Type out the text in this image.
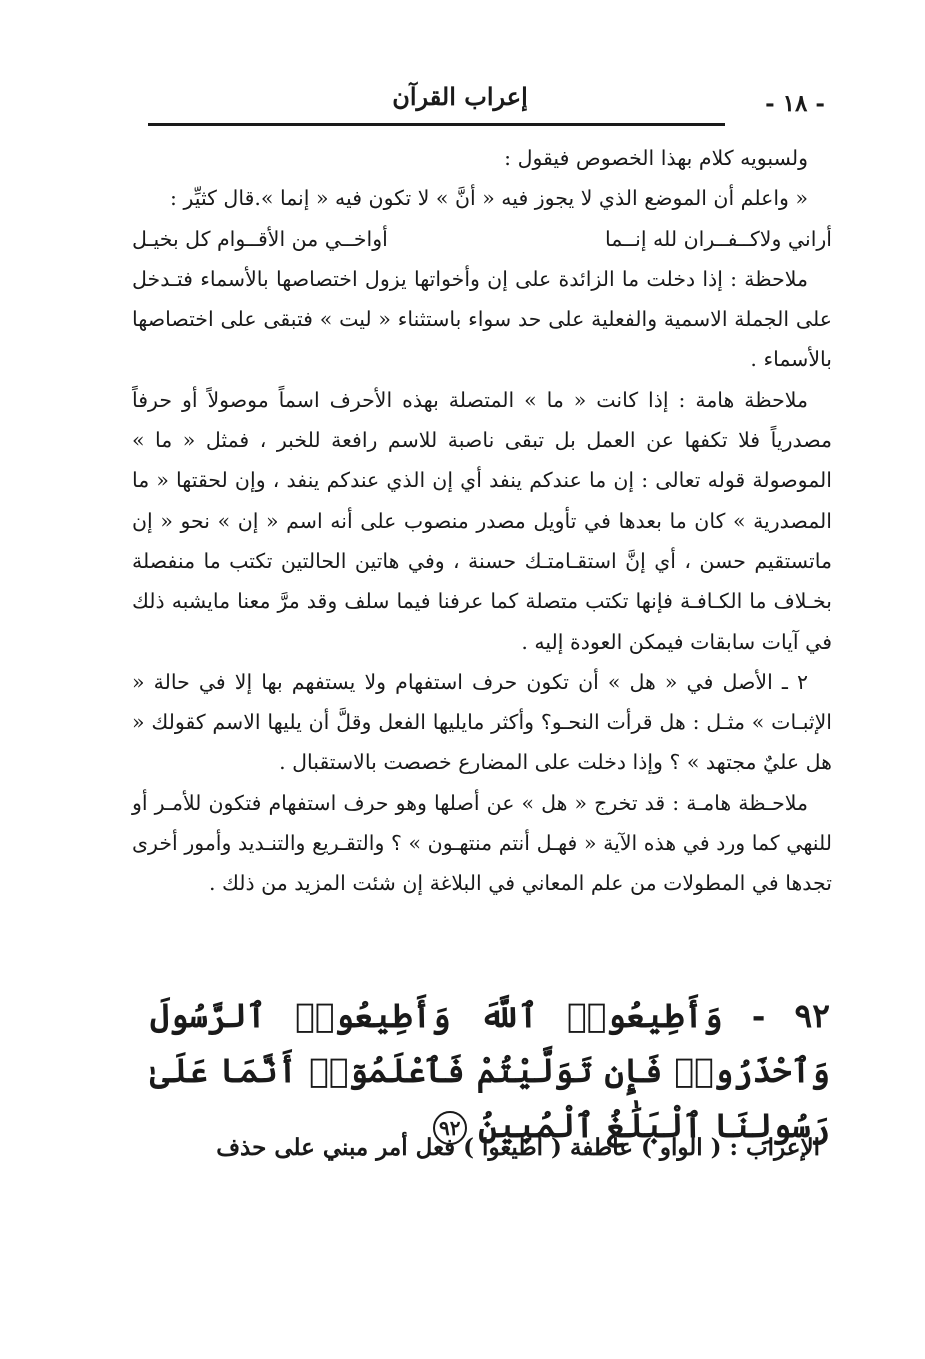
- ١٨ -
إعراب القرآن

ولسبويه كلام بهذا الخصوص فيقول :

« واعلم أن الموضع الذي لا يجوز فيه « أنَّ » لا تكون فيه « إنما ».قال كثيِّر :

أراني ولاكــفــران لله إنــما
أواخــي من الأقــوام كل بخيـل

ملاحظة : إذا دخلت ما الزائدة على إن وأخواتها يزول اختصاصها بالأسماء فتـدخل على الجملة الاسمية والفعلية على حد سواء باستثناء « ليت » فتبقى على اختصاصها بالأسماء .

ملاحظة هامة : إذا كانت « ما » المتصلة بهذه الأحرف اسماً موصولاً أو حرفاً مصدرياً فلا تكفها عن العمل بل تبقى ناصبة للاسم رافعة للخبر ، فمثل « ما » الموصولة قوله تعالى : إن ما عندكم ينفد أي إن الذي عندكم ينفد ، وإن لحقتها « ما المصدرية » كان ما بعدها في تأويل مصدر منصوب على أنه اسم « إن » نحو « إن ماتستقيم حسن ، أي إنَّ استقـامتـك حسنة ، وفي هاتين الحالتين تكتب ما منفصلة بخـلاف ما الكـافـة فإنها تكتب متصلة كما عرفنا فيما سلف وقد مرَّ معنا مايشبه ذلك في آيات سابقات فيمكن العودة إليه .

٢ ـ الأصل في « هل » أن تكون حرف استفهام ولا يستفهم بها إلا في حالة « الإثبـات » مثـل : هل قرأت النحـو؟ وأكثر مايليها الفعل وقلَّ أن يليها الاسم كقولك « هل عليٌ مجتهد » ؟ وإذا دخلت على المضارع خصصت بالاستقبال .

ملاحـظة هامـة : قد تخرج « هل » عن أصلها وهو حرف استفهام فتكون للأمـر أو للنهي كما ورد في هذه الآية « فهـل أنتم منتهـون » ؟ والتقـريع والتنـديد وأمور أخرى تجدها في المطولات من علم المعاني في البلاغة إن شئت المزيد من ذلك .

٩٢ - وَأَطِيعُوا۟ ٱللَّهَ وَأَطِيعُوا۟ ٱلرَّسُولَ وَٱحْذَرُوا۟ فَإِن تَوَلَّيْتُمْ فَٱعْلَمُوٓا۟ أَنَّمَا عَلَىٰ رَسُولِنَا ٱلْبَلَٰغُ ٱلْمُبِينُ ٩٢

الإعراب : ( الواو ) عاطفة ( أطيعوا ) فعل أمر مبني على حذف
